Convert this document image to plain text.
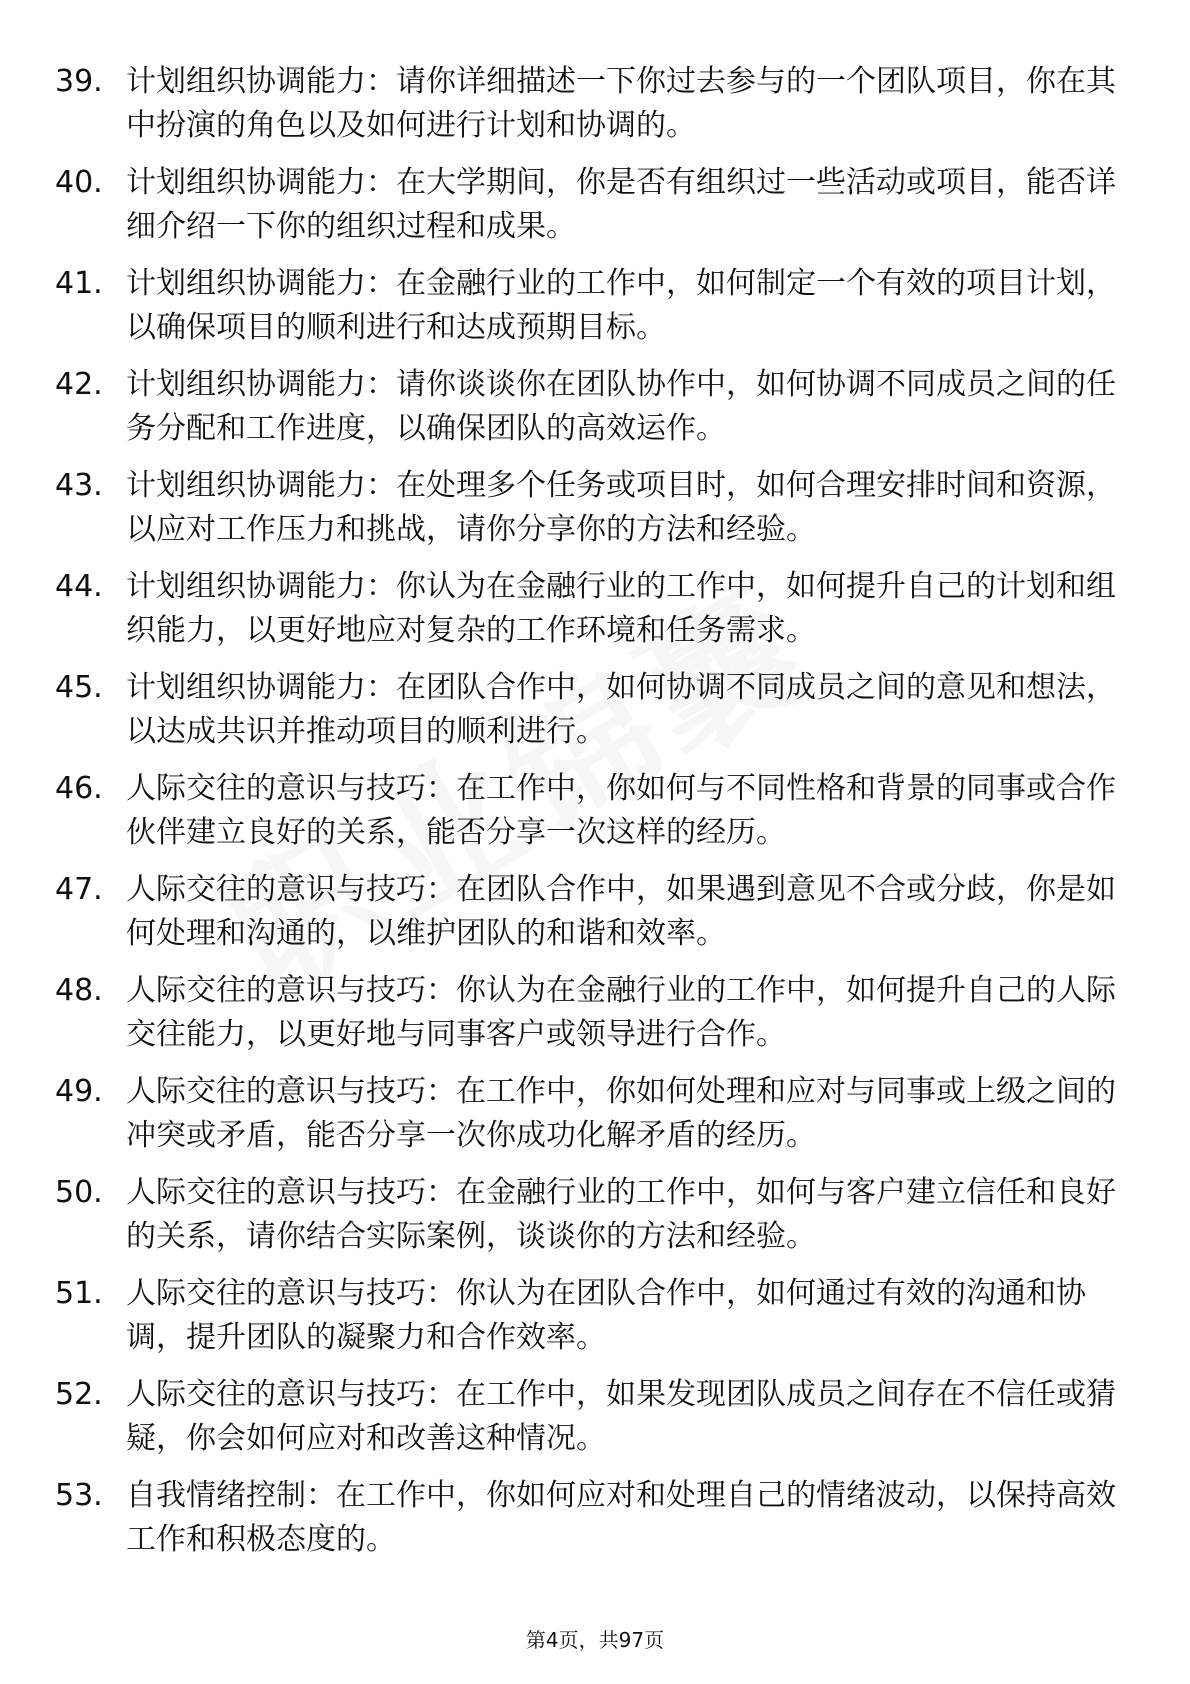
39. 计划组织协调能力：请你详细描述一下你过去参与的一个团队项目，你在其中扮演的角色以及如何进行计划和协调的。
40. 计划组织协调能力：在大学期间，你是否有组织过一些活动或项目，能否详细介绍一下你的组织过程和成果。
41. 计划组织协调能力：在金融行业的工作中，如何制定一个有效的项目计划，以确保项目的顺利进行和达成预期目标。
42. 计划组织协调能力：请你谈谈你在团队协作中，如何协调不同成员之间的任务分配和工作进度，以确保团队的高效运作。
43. 计划组织协调能力：在处理多个任务或项目时，如何合理安排时间和资源，以应对工作压力和挑战，请你分享你的方法和经验。
44. 计划组织协调能力：你认为在金融行业的工作中，如何提升自己的计划和组织能力，以更好地应对复杂的工作环境和任务需求。
45. 计划组织协调能力：在团队合作中，如何协调不同成员之间的意见和想法，以达成共识并推动项目的顺利进行。
46. 人际交往的意识与技巧：在工作中，你如何与不同性格和背景的同事或合作伙伴建立良好的关系，能否分享一次这样的经历。
47. 人际交往的意识与技巧：在团队合作中，如果遇到意见不合或分歧，你是如何处理和沟通的，以维护团队的和谐和效率。
48. 人际交往的意识与技巧：你认为在金融行业的工作中，如何提升自己的人际交往能力，以更好地与同事客户或领导进行合作。
49. 人际交往的意识与技巧：在工作中，你如何处理和应对与同事或上级之间的冲突或矛盾，能否分享一次你成功化解矛盾的经历。
50. 人际交往的意识与技巧：在金融行业的工作中，如何与客户建立信任和良好的关系，请你结合实际案例，谈谈你的方法和经验。
51. 人际交往的意识与技巧：你认为在团队合作中，如何通过有效的沟通和协调，提升团队的凝聚力和合作效率。
52. 人际交往的意识与技巧：在工作中，如果发现团队成员之间存在不信任或猜疑，你会如何应对和改善这种情况。
53. 自我情绪控制：在工作中，你如何应对和处理自己的情绪波动，以保持高效工作和积极态度的。
第4页，共97页
